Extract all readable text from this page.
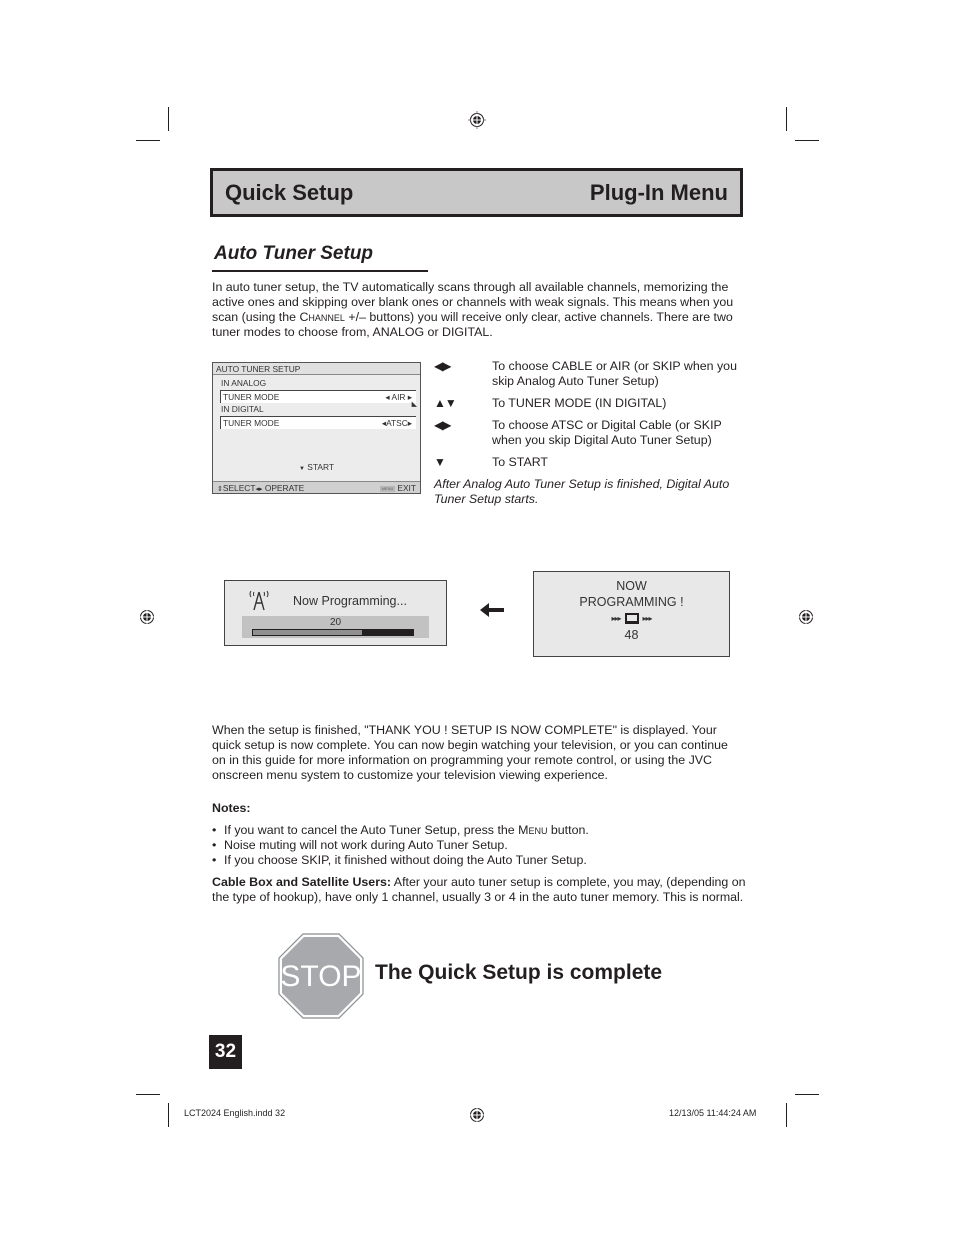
Quick Setup	Plug-In Menu
Auto Tuner Setup
In auto tuner setup, the TV automatically scans through all available channels, memorizing the active ones and skipping over blank ones or channels with weak signals. This means when you scan (using the Channel +/– buttons) you will receive only clear, active channels. There are two tuner modes to choose from, ANALOG or DIGITAL.
AUTO TUNER SETUP
IN ANALOG
TUNER MODE	◂ AIR ▸
◣
IN DIGITAL
TUNER MODE	◂ATSC▸
▼ START
⇕SELECT◂▸ OPERATE	MENU EXIT
◀▶	To choose CABLE or AIR (or SKIP when you skip Analog Auto Tuner Setup)
▲▼	To TUNER MODE (IN DIGITAL)
◀▶	To choose ATSC or Digital Cable (or SKIP when you skip Digital Auto Tuner Setup)
▼	To START
After Analog Auto Tuner Setup is finished, Digital Auto Tuner Setup starts.
Now Programming...
20
NOW
PROGRAMMING !
▸▸▸	▸▸▸
48
When the setup is finished, "THANK YOU ! SETUP IS NOW COMPLETE" is displayed. Your quick setup is now complete. You can now begin watching your television, or you can continue on in this guide for more information on programming your remote control, or using the JVC onscreen menu system to customize your television viewing experience.
Notes:
• If you want to cancel the Auto Tuner Setup, press the Menu button.
• Noise muting will not work during Auto Tuner Setup.
• If you choose SKIP, it finished without doing the Auto Tuner Setup.
Cable Box and Satellite Users: After your auto tuner setup is complete, you may, (depending on the type of hookup), have only 1 channel, usually 3 or 4 in the auto tuner memory. This is normal.
STOP The Quick Setup is complete
32
LCT2024 English.indd 32	12/13/05 11:44:24 AM
